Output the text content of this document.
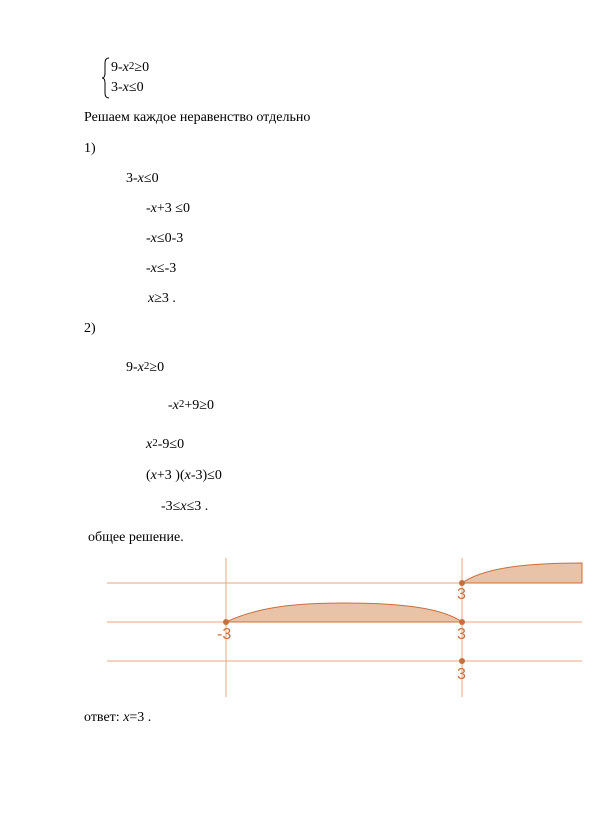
$9-x^2\ge 0$
3-x≤0
Решаем каждое неравенство отдельно
1)
3-x≤0
-x+3 ≤0
-x≤0-3
-x≤-3
x≥3 .
2)
$9-x^2\ge 0$
$-x^2+9\ge 0$
$x^2-9\le 0$
(x+3 )(x-3)≤0
-3≤x≤3 .
общее решение.
3
-3	3
3
ответ: x=3 .
